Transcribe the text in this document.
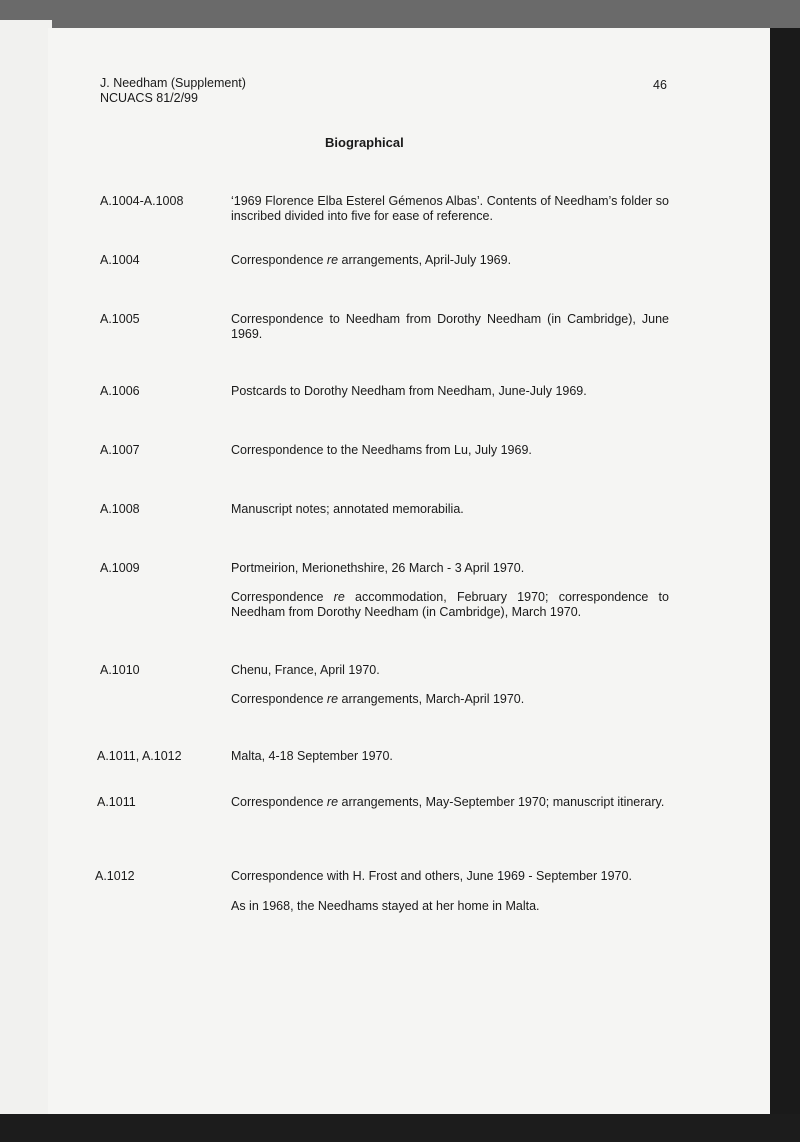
J. Needham (Supplement)
NCUACS 81/2/99
46
Biographical
A.1004-A.1008	‘1969 Florence Elba Esterel Gémenos Albas’. Contents of Needham’s folder so inscribed divided into five for ease of reference.
A.1004	Correspondence re arrangements, April-July 1969.
A.1005	Correspondence to Needham from Dorothy Needham (in Cambridge), June 1969.
A.1006	Postcards to Dorothy Needham from Needham, June-July 1969.
A.1007	Correspondence to the Needhams from Lu, July 1969.
A.1008	Manuscript notes; annotated memorabilia.
A.1009	Portmeirion, Merionethshire, 26 March - 3 April 1970.
Correspondence re accommodation, February 1970; correspondence to Needham from Dorothy Needham (in Cambridge), March 1970.
A.1010	Chenu, France, April 1970.
Correspondence re arrangements, March-April 1970.
A.1011, A.1012	Malta, 4-18 September 1970.
A.1011	Correspondence re arrangements, May-September 1970; manuscript itinerary.
A.1012	Correspondence with H. Frost and others, June 1969 - September 1970.
As in 1968, the Needhams stayed at her home in Malta.
